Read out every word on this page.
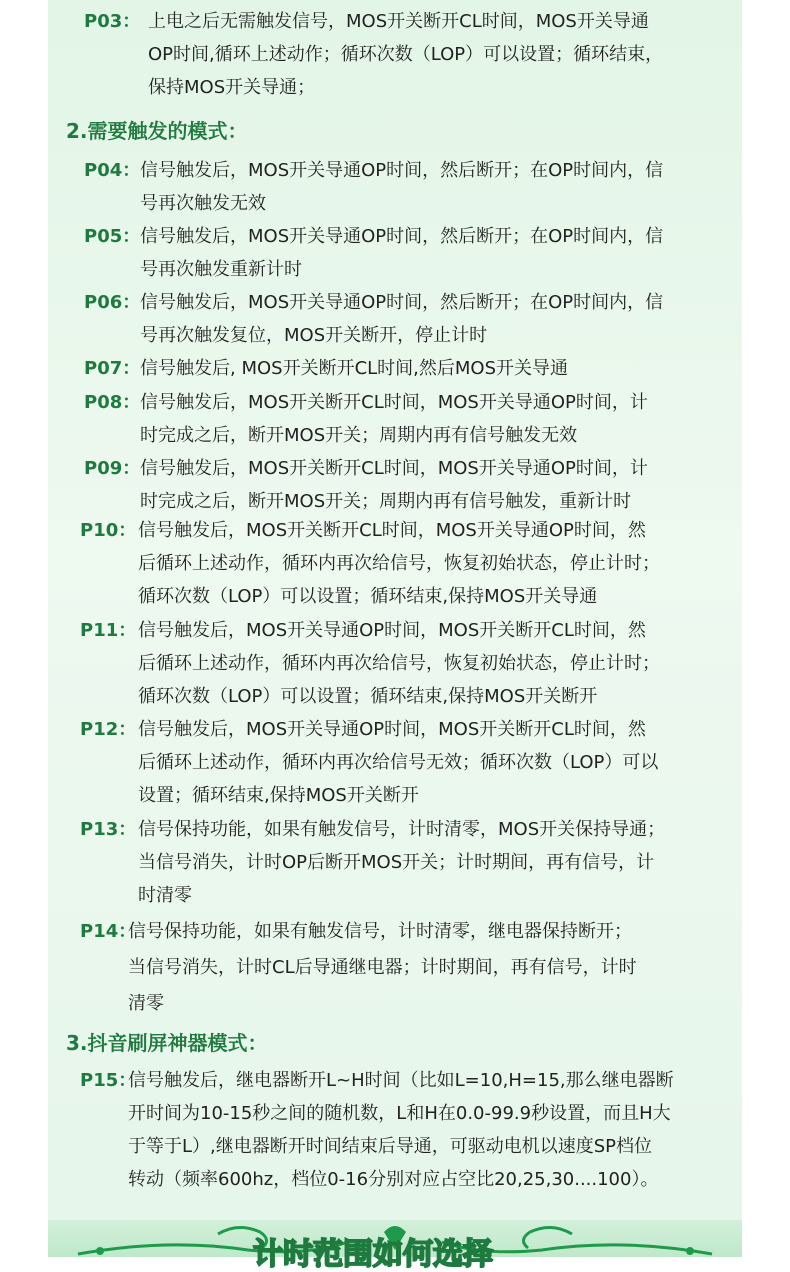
2.需要触发的模式：
3.抖音刷屏神器模式：
P03： 上电之后无需触发信号，MOS开关断开CL时间，MOS开关导通
OP时间,循环上述动作；循环次数（LOP）可以设置；循环结束，
保持MOS开关导通；
P04： 信号触发后，MOS开关导通OP时间，然后断开；在OP时间内，信
号再次触发无效
P05： 信号触发后，MOS开关导通OP时间，然后断开；在OP时间内，信
号再次触发重新计时
P06： 信号触发后，MOS开关导通OP时间，然后断开；在OP时间内，信
号再次触发复位，MOS开关断开，停止计时
P07： 信号触发后, MOS开关断开CL时间,然后MOS开关导通
P08： 信号触发后，MOS开关断开CL时间，MOS开关导通OP时间，计
时完成之后，断开MOS开关；周期内再有信号触发无效
P09： 信号触发后，MOS开关断开CL时间，MOS开关导通OP时间，计
时完成之后，断开MOS开关；周期内再有信号触发，重新计时
P10： 信号触发后，MOS开关断开CL时间，MOS开关导通OP时间，然
后循环上述动作，循环内再次给信号，恢复初始状态，停止计时；
循环次数（LOP）可以设置；循环结束,保持MOS开关导通
P11： 信号触发后，MOS开关导通OP时间，MOS开关断开CL时间，然
后循环上述动作，循环内再次给信号，恢复初始状态，停止计时；
循环次数（LOP）可以设置；循环结束,保持MOS开关断开
P12： 信号触发后，MOS开关导通OP时间，MOS开关断开CL时间，然
后循环上述动作，循环内再次给信号无效；循环次数（LOP）可以
设置；循环结束,保持MOS开关断开
P13： 信号保持功能，如果有触发信号，计时清零，MOS开关保持导通；
当信号消失，计时OP后断开MOS开关；计时期间，再有信号，计
时清零
P14：
信号保持功能，如果有触发信号，计时清零，继电器保持断开；
当信号消失，计时CL后导通继电器；计时期间，再有信号，计时
清零
P15：
信号触发后，继电器断开L~H时间（比如L=10,H=15,那么继电器断
开时间为10-15秒之间的随机数，L和H在0.0-99.9秒设置，而且H大
于等于L）,继电器断开时间结束后导通，可驱动电机以速度SP档位
转动（频率600hz，档位0-16分别对应占空比20,25,30....100）。
计时范围如何选择
